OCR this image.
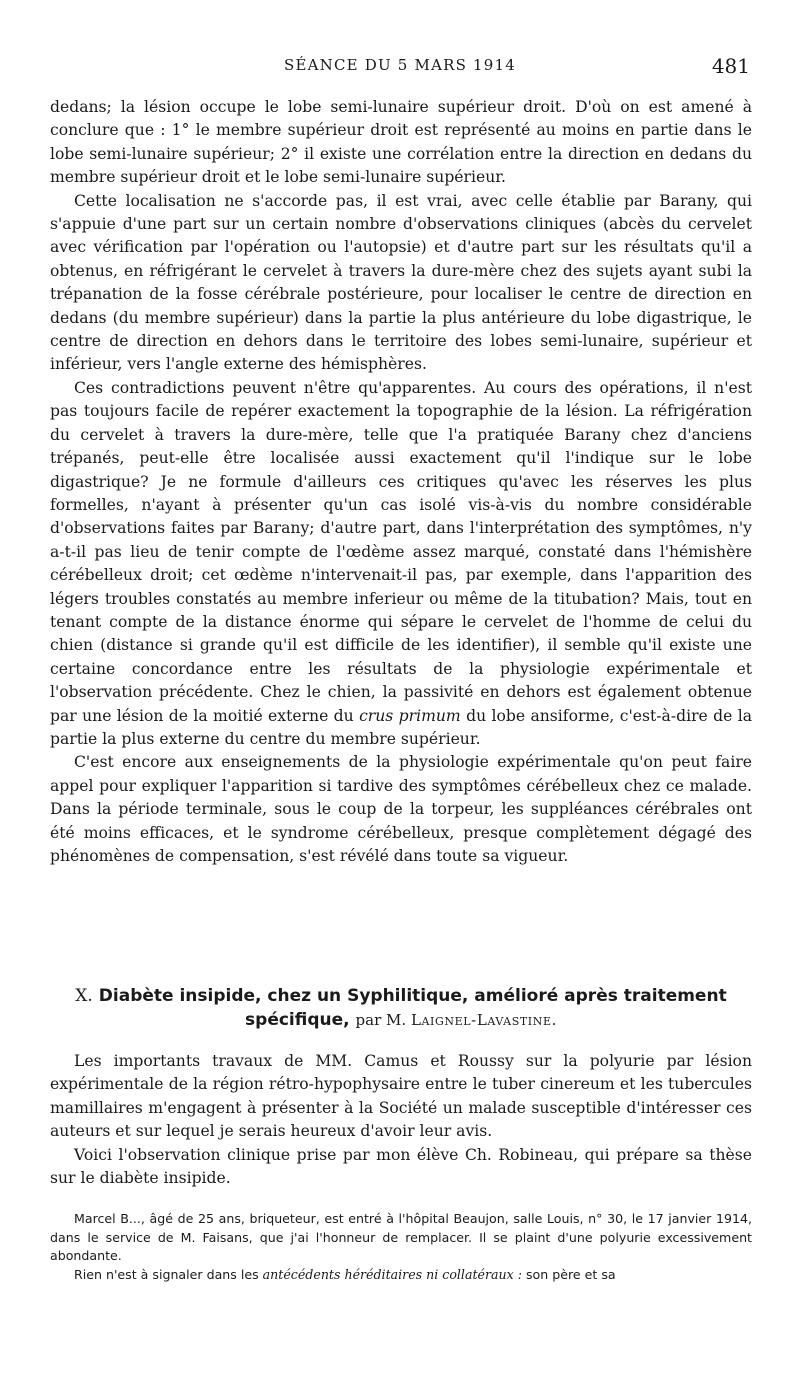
SÉANCE DU 5 MARS 1914	481

dedans; la lésion occupe le lobe semi-lunaire supérieur droit. D'où on est amené à conclure que : 1° le membre supérieur droit est représenté au moins en partie dans le lobe semi-lunaire supérieur; 2° il existe une corrélation entre la direction en dedans du membre supérieur droit et le lobe semi-lunaire supérieur.

Cette localisation ne s'accorde pas, il est vrai, avec celle établie par Barany, qui s'appuie d'une part sur un certain nombre d'observations cliniques (abcès du cervelet avec vérification par l'opération ou l'autopsie) et d'autre part sur les résultats qu'il a obtenus, en réfrigérant le cervelet à travers la dure-mère chez des sujets ayant subi la trépanation de la fosse cérébrale postérieure, pour localiser le centre de direction en dedans (du membre supérieur) dans la partie la plus antérieure du lobe digastrique, le centre de direction en dehors dans le territoire des lobes semi-lunaire, supérieur et inférieur, vers l'angle externe des hémisphères.

Ces contradictions peuvent n'être qu'apparentes. Au cours des opérations, il n'est pas toujours facile de repérer exactement la topographie de la lésion. La réfrigération du cervelet à travers la dure-mère, telle que l'a pratiquée Barany chez d'anciens trépanés, peut-elle être localisée aussi exactement qu'il l'indique sur le lobe digastrique? Je ne formule d'ailleurs ces critiques qu'avec les réserves les plus formelles, n'ayant à présenter qu'un cas isolé vis-à-vis du nombre considérable d'observations faites par Barany; d'autre part, dans l'interprétation des symptômes, n'y a-t-il pas lieu de tenir compte de l'œdème assez marqué, constaté dans l'hémishère cérébelleux droit; cet œdème n'intervenait-il pas, par exemple, dans l'apparition des légers troubles constatés au membre inferieur ou même de la titubation? Mais, tout en tenant compte de la distance énorme qui sépare le cervelet de l'homme de celui du chien (distance si grande qu'il est difficile de les identifier), il semble qu'il existe une certaine concordance entre les résultats de la physiologie expérimentale et l'observation précédente. Chez le chien, la passivité en dehors est également obtenue par une lésion de la moitié externe du crus primum du lobe ansiforme, c'est-à-dire de la partie la plus externe du centre du membre supérieur.

C'est encore aux enseignements de la physiologie expérimentale qu'on peut faire appel pour expliquer l'apparition si tardive des symptômes cérébelleux chez ce malade. Dans la période terminale, sous le coup de la torpeur, les suppléances cérébrales ont été moins efficaces, et le syndrome cérébelleux, presque complètement dégagé des phénomènes de compensation, s'est révélé dans toute sa vigueur.

X. Diabète insipide, chez un Syphilitique, amélioré après traitement spécifique, par M. Laignel-Lavastine.

Les importants travaux de MM. Camus et Roussy sur la polyurie par lésion expérimentale de la région rétro-hypophysaire entre le tuber cinereum et les tubercules mamillaires m'engagent à présenter à la Société un malade susceptible d'intéresser ces auteurs et sur lequel je serais heureux d'avoir leur avis.

Voici l'observation clinique prise par mon élève Ch. Robineau, qui prépare sa thèse sur le diabète insipide.

Marcel B..., âgé de 25 ans, briqueteur, est entré à l'hôpital Beaujon, salle Louis, n° 30, le 17 janvier 1914, dans le service de M. Faisans, que j'ai l'honneur de remplacer. Il se plaint d'une polyurie excessivement abondante.

Rien n'est à signaler dans les antécédents héréditaires ni collatéraux : son père et sa
